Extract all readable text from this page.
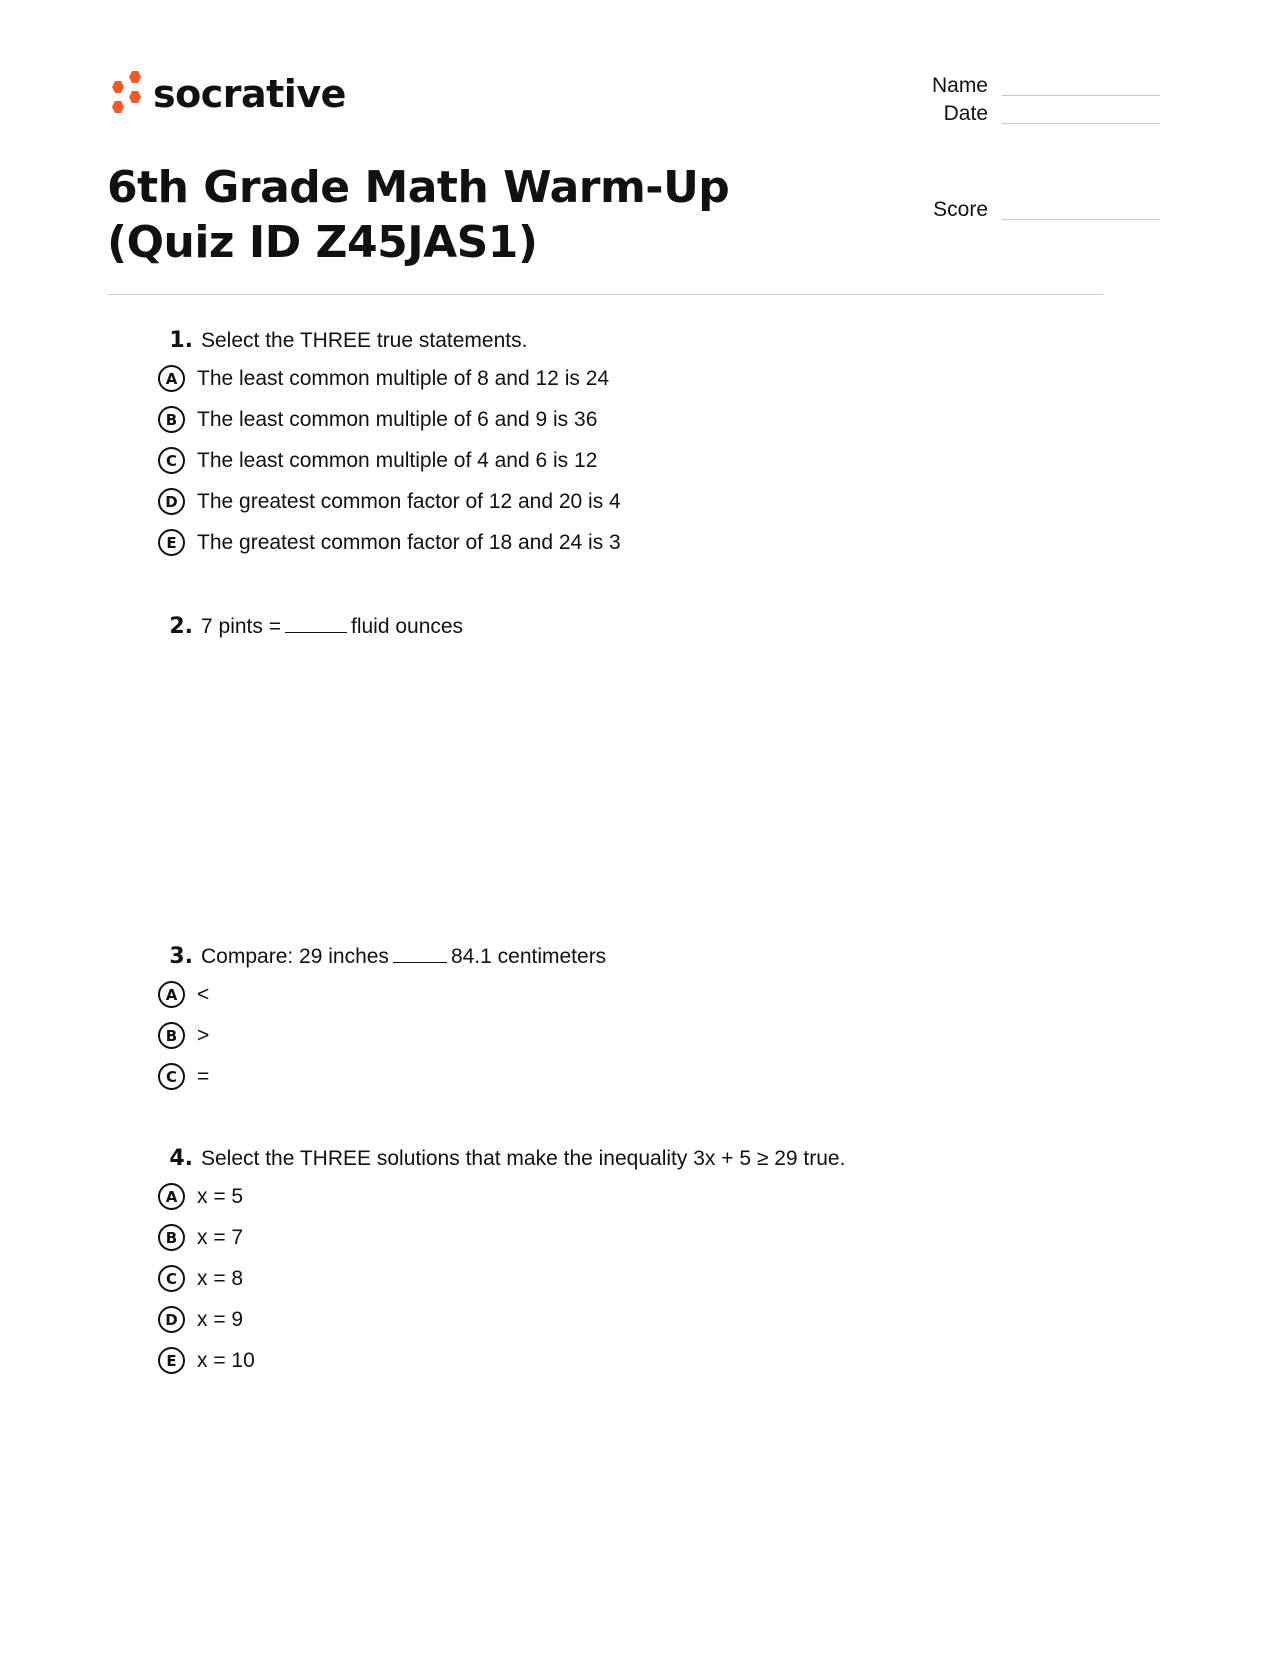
socrative	Name
Date
Score
6th Grade Math Warm-Up (Quiz ID Z45JAS1)
1. Select the THREE true statements.
A The least common multiple of 8 and 12 is 24
B The least common multiple of 6 and 9 is 36
C The least common multiple of 4 and 6 is 12
D The greatest common factor of 12 and 20 is 4
E The greatest common factor of 18 and 24 is 3
2. 7 pints =	fluid ounces
3. Compare: 29 inches	84.1 centimeters
A <
B >
C =
4. Select the THREE solutions that make the inequality 3x + 5 ≥ 29 true.
A x = 5
B x = 7
C x = 8
D x = 9
E x = 10
